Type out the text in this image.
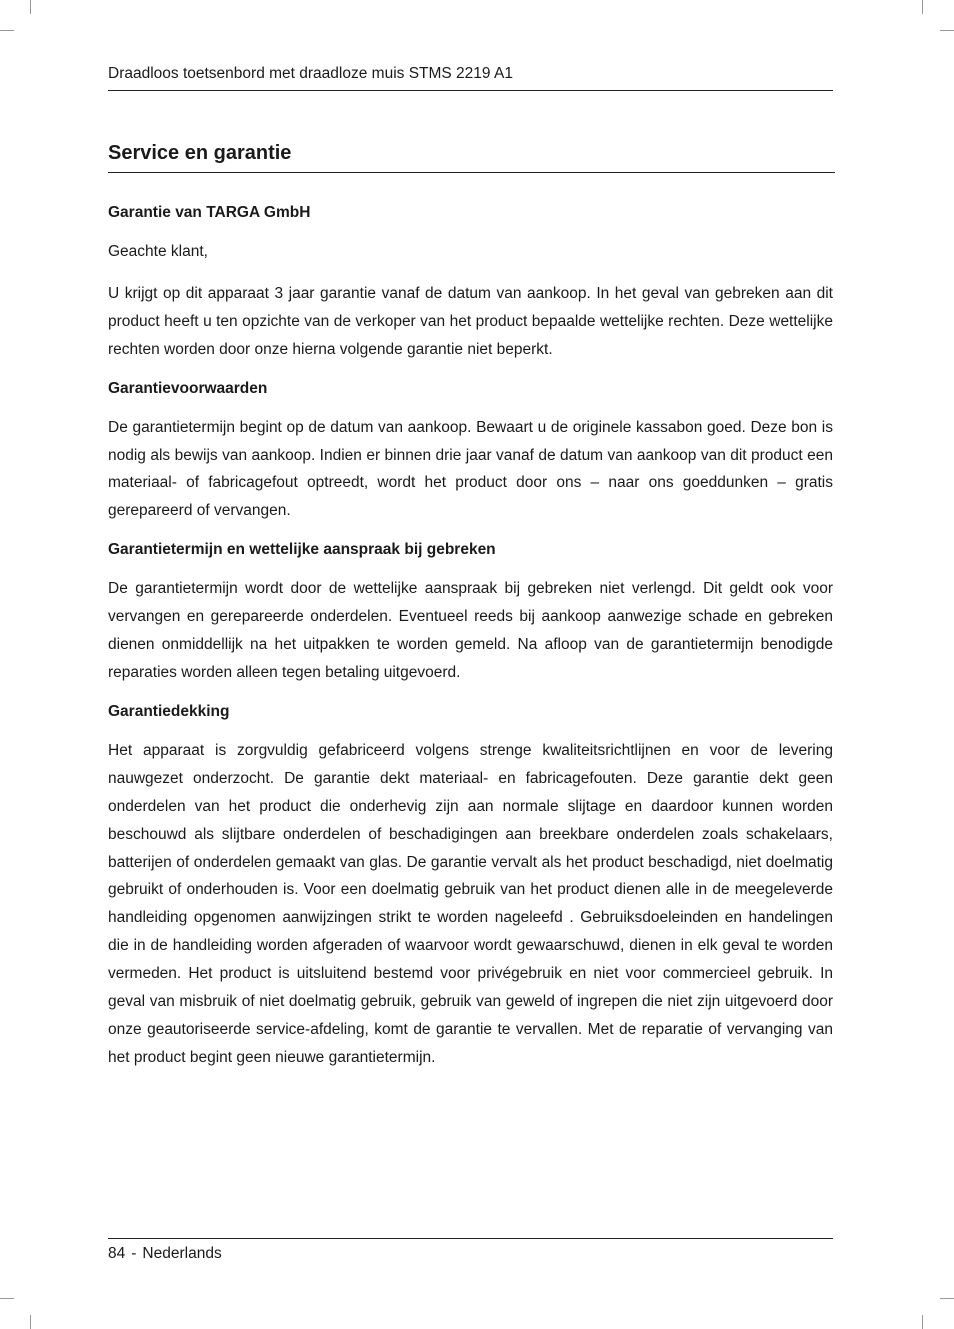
Draadloos toetsenbord met draadloze muis STMS 2219 A1
Service en garantie
Garantie van TARGA GmbH

Geachte klant,

U krijgt op dit apparaat 3 jaar garantie vanaf de datum van aankoop. In het geval van gebreken aan dit product heeft u ten opzichte van de verkoper van het product bepaalde wettelijke rechten. Deze wettelijke rechten worden door onze hierna volgende garantie niet beperkt.

Garantievoorwaarden

De garantietermijn begint op de datum van aankoop. Bewaart u de originele kassabon goed. Deze bon is nodig als bewijs van aankoop. Indien er binnen drie jaar vanaf de datum van aankoop van dit product een materiaal- of fabricagefout optreedt, wordt het product door ons – naar ons goeddunken – gratis gerepareerd of vervangen.

Garantietermijn en wettelijke aanspraak bij gebreken

De garantietermijn wordt door de wettelijke aanspraak bij gebreken niet verlengd. Dit geldt ook voor vervangen en gerepareerde onderdelen. Eventueel reeds bij aankoop aanwezige schade en gebreken dienen onmiddellijk na het uitpakken te worden gemeld. Na afloop van de garantietermijn benodigde reparaties worden alleen tegen betaling uitgevoerd.

Garantiedekking

Het apparaat is zorgvuldig gefabriceerd volgens strenge kwaliteitsrichtlijnen en voor de levering nauwgezet onderzocht. De garantie dekt materiaal- en fabricagefouten. Deze garantie dekt geen onderdelen van het product die onderhevig zijn aan normale slijtage en daardoor kunnen worden beschouwd als slijtbare onderdelen of beschadigingen aan breekbare onderdelen zoals schakelaars, batterijen of onderdelen gemaakt van glas. De garantie vervalt als het product beschadigd, niet doelmatig gebruikt of onderhouden is. Voor een doelmatig gebruik van het product dienen alle in de meegeleverde handleiding opgenomen aanwijzingen strikt te worden nageleefd . Gebruiksdoeleinden en handelingen die in de handleiding worden afgeraden of waarvoor wordt gewaarschuwd, dienen in elk geval te worden vermeden. Het product is uitsluitend bestemd voor privégebruik en niet voor commercieel gebruik. In geval van misbruik of niet doelmatig gebruik, gebruik van geweld of ingrepen die niet zijn uitgevoerd door onze geautoriseerde service-afdeling, komt de garantie te vervallen. Met de reparatie of vervanging van het product begint geen nieuwe garantietermijn.

84 - Nederlands
